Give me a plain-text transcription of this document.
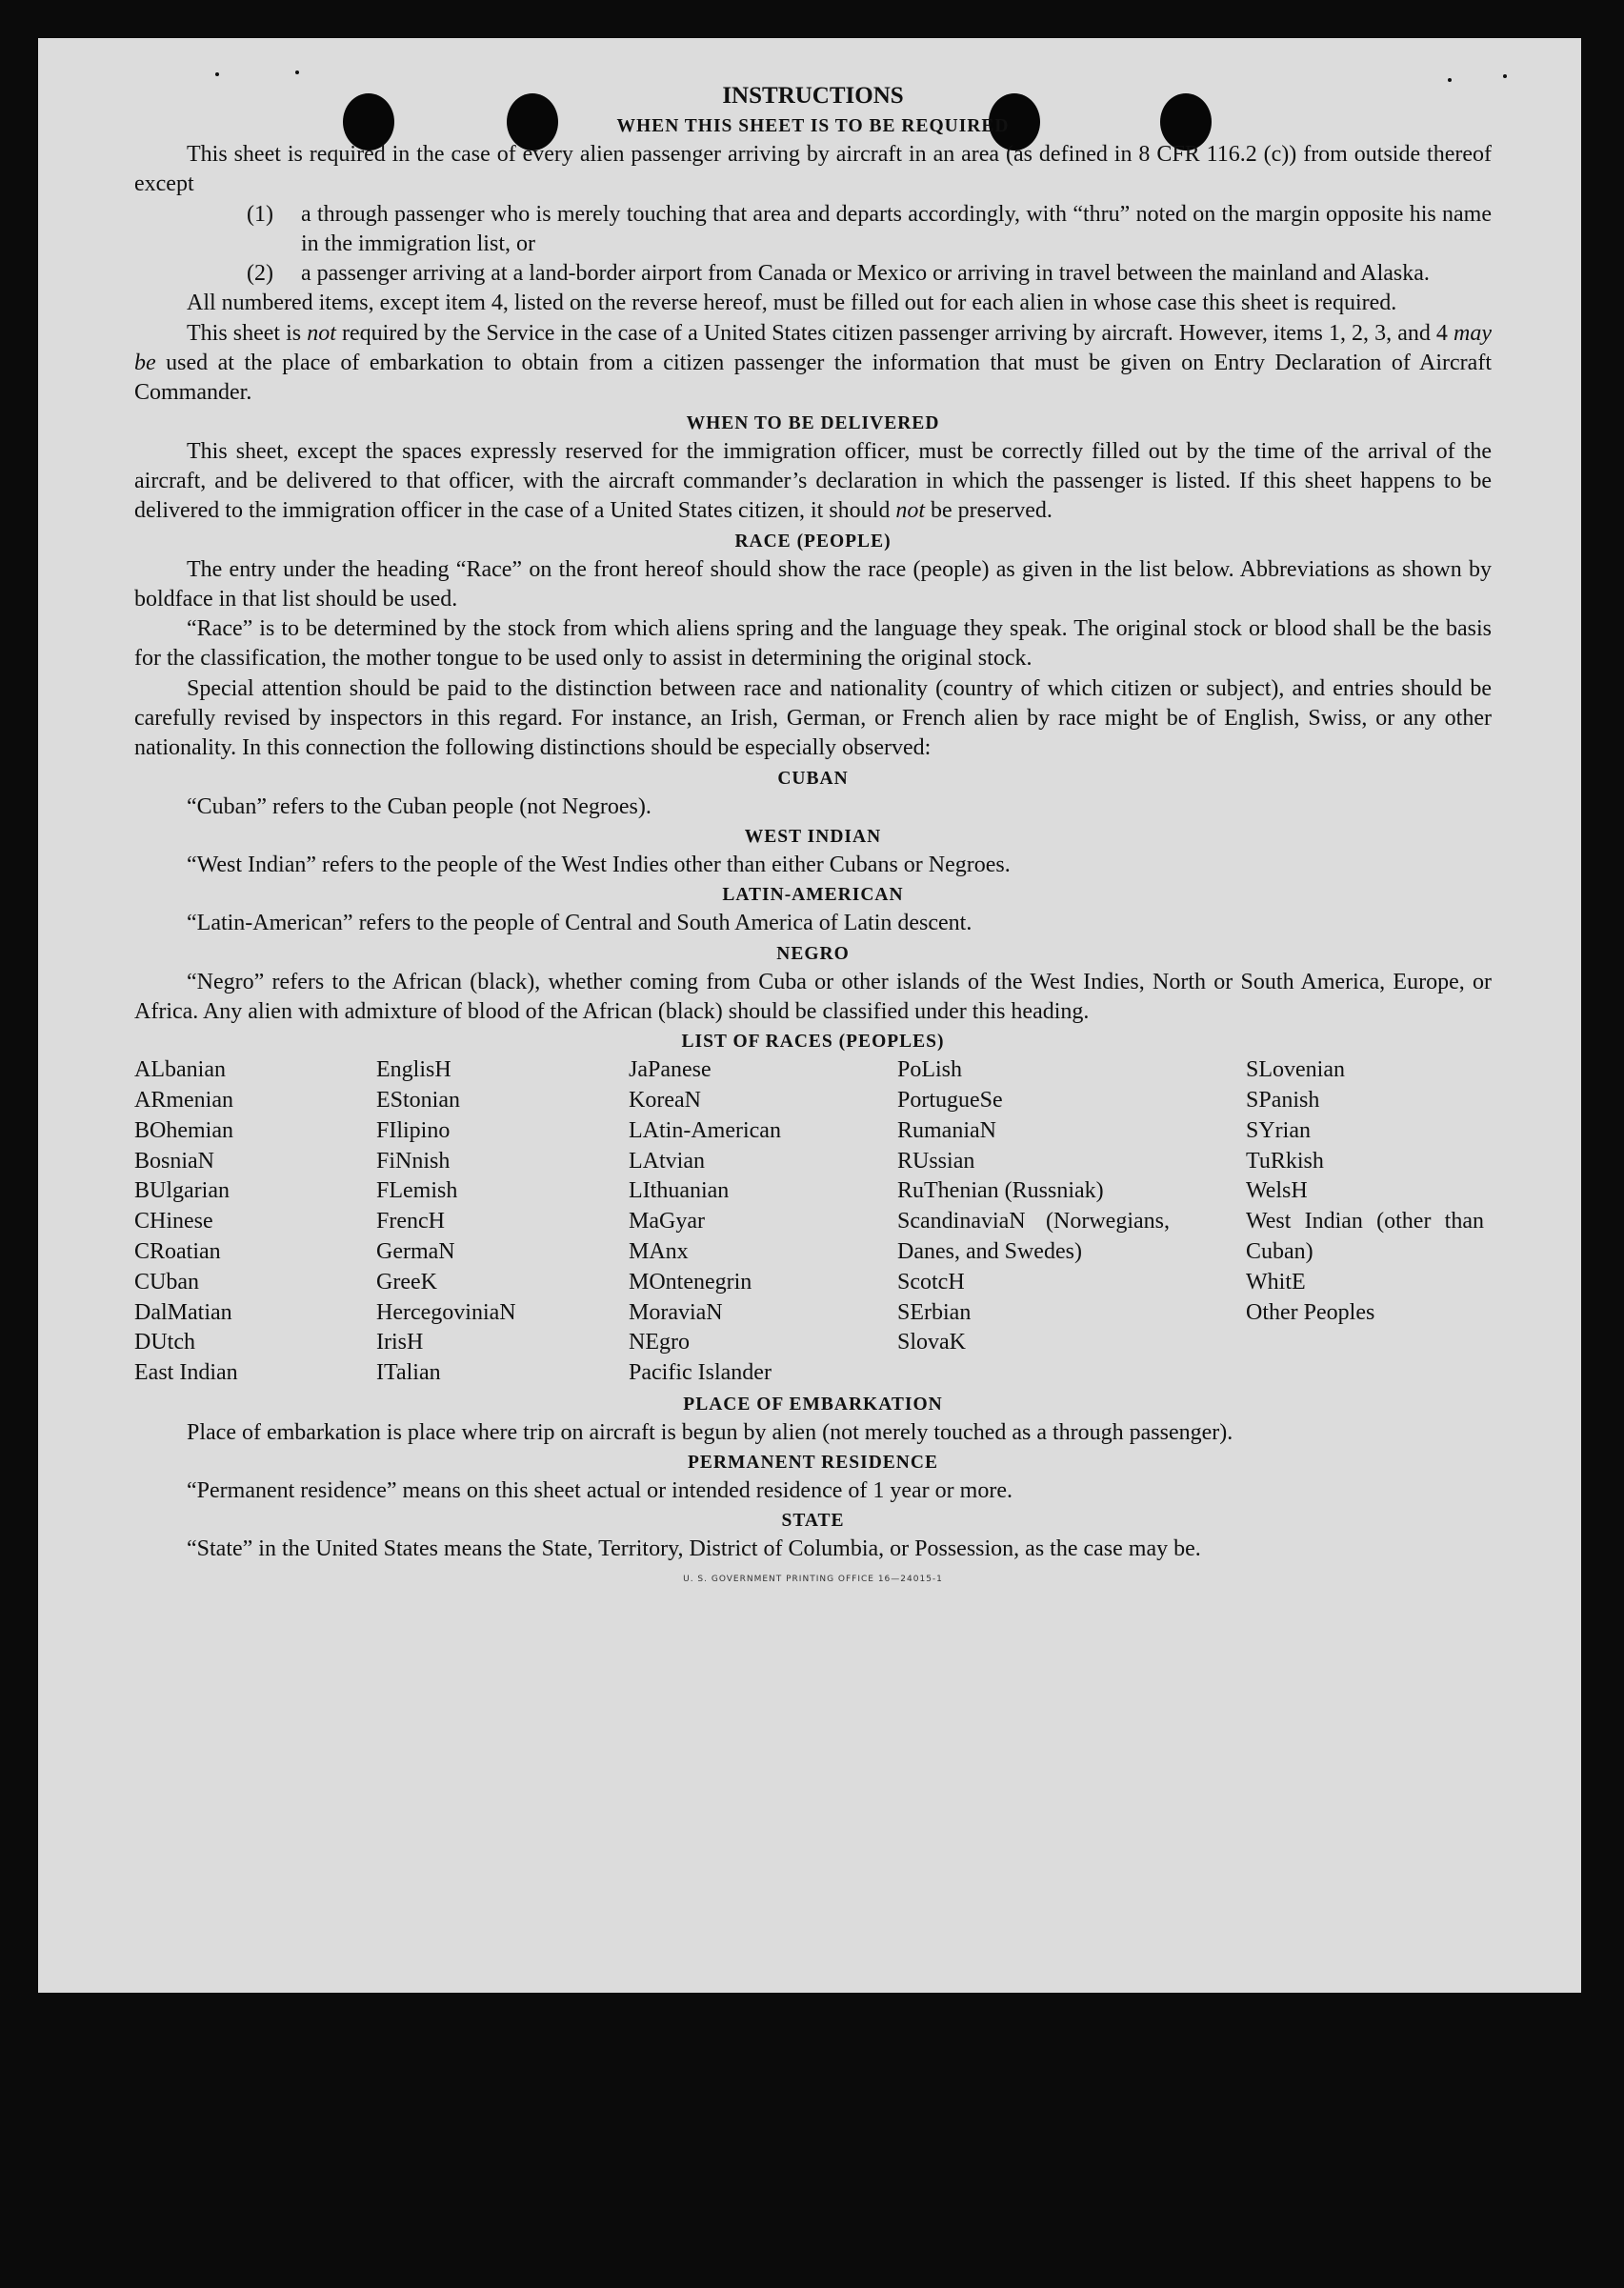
INSTRUCTIONS
WHEN THIS SHEET IS TO BE REQUIRED

This sheet is required in the case of every alien passenger arriving by aircraft in an area (as defined in 8 CFR 116.2 (c)) from outside thereof except

(1)	a through passenger who is merely touching that area and departs accordingly, with “thru” noted on the margin opposite his name in the immigration list, or
(2)	a passenger arriving at a land-border airport from Canada or Mexico or arriving in travel between the mainland and Alaska.

All numbered items, except item 4, listed on the reverse hereof, must be filled out for each alien in whose case this sheet is required.

This sheet is not required by the Service in the case of a United States citizen passenger arriving by aircraft. However, items 1, 2, 3, and 4 may be used at the place of embarkation to obtain from a citizen passenger the information that must be given on Entry Declaration of Aircraft Commander.

WHEN TO BE DELIVERED

This sheet, except the spaces expressly reserved for the immigration officer, must be correctly filled out by the time of the arrival of the aircraft, and be delivered to that officer, with the aircraft commander’s declaration in which the passenger is listed. If this sheet happens to be delivered to the immigration officer in the case of a United States citizen, it should not be preserved.

RACE (PEOPLE)

The entry under the heading “Race” on the front hereof should show the race (people) as given in the list below. Abbreviations as shown by boldface in that list should be used.

“Race” is to be determined by the stock from which aliens spring and the language they speak. The original stock or blood shall be the basis for the classification, the mother tongue to be used only to assist in determining the original stock.

Special attention should be paid to the distinction between race and nationality (country of which citizen or subject), and entries should be carefully revised by inspectors in this regard. For instance, an Irish, German, or French alien by race might be of English, Swiss, or any other nationality. In this connection the following distinctions should be especially observed:

CUBAN

“Cuban” refers to the Cuban people (not Negroes).

WEST INDIAN

“West Indian” refers to the people of the West Indies other than either Cubans or Negroes.

LATIN-AMERICAN

“Latin-American” refers to the people of Central and South America of Latin descent.

NEGRO

“Negro” refers to the African (black), whether coming from Cuba or other islands of the West Indies, North or South America, Europe, or Africa. Any alien with admixture of blood of the African (black) should be classified under this heading.

LIST OF RACES (PEOPLES)
ALbanian
ARmenian
BOhemian
BosniaN
BUlgarian
CHinese
CRoatian
CUban
DalMatian
DUtch
East Indian
EnglisH
EStonian
FIlipino
FiNnish
FLemish
FrencH
GermaN
GreeK
HercegoviniaN
IrisH
ITalian
JaPanese
KoreaN
LAtin-American
LAtvian
LIthuanian
MaGyar
MAnx
MOntenegrin
MoraviaN
NEgro
Pacific Islander
PoLish
PortugueSe
RumaniaN
RUssian
RuThenian (Russniak)
ScandinaviaN (Norwegians, Danes, and Swedes)
ScotcH
SErbian
SlovaK
SLovenian
SPanish
SYrian
TuRkish
WelsH
West Indian (other than Cuban)
WhitE
Other Peoples
PLACE OF EMBARKATION

Place of embarkation is place where trip on aircraft is begun by alien (not merely touched as a through passenger).

PERMANENT RESIDENCE

“Permanent residence” means on this sheet actual or intended residence of 1 year or more.

STATE

“State” in the United States means the State, Territory, District of Columbia, or Possession, as the case may be.

U. S. GOVERNMENT PRINTING OFFICE 16—24015-1
